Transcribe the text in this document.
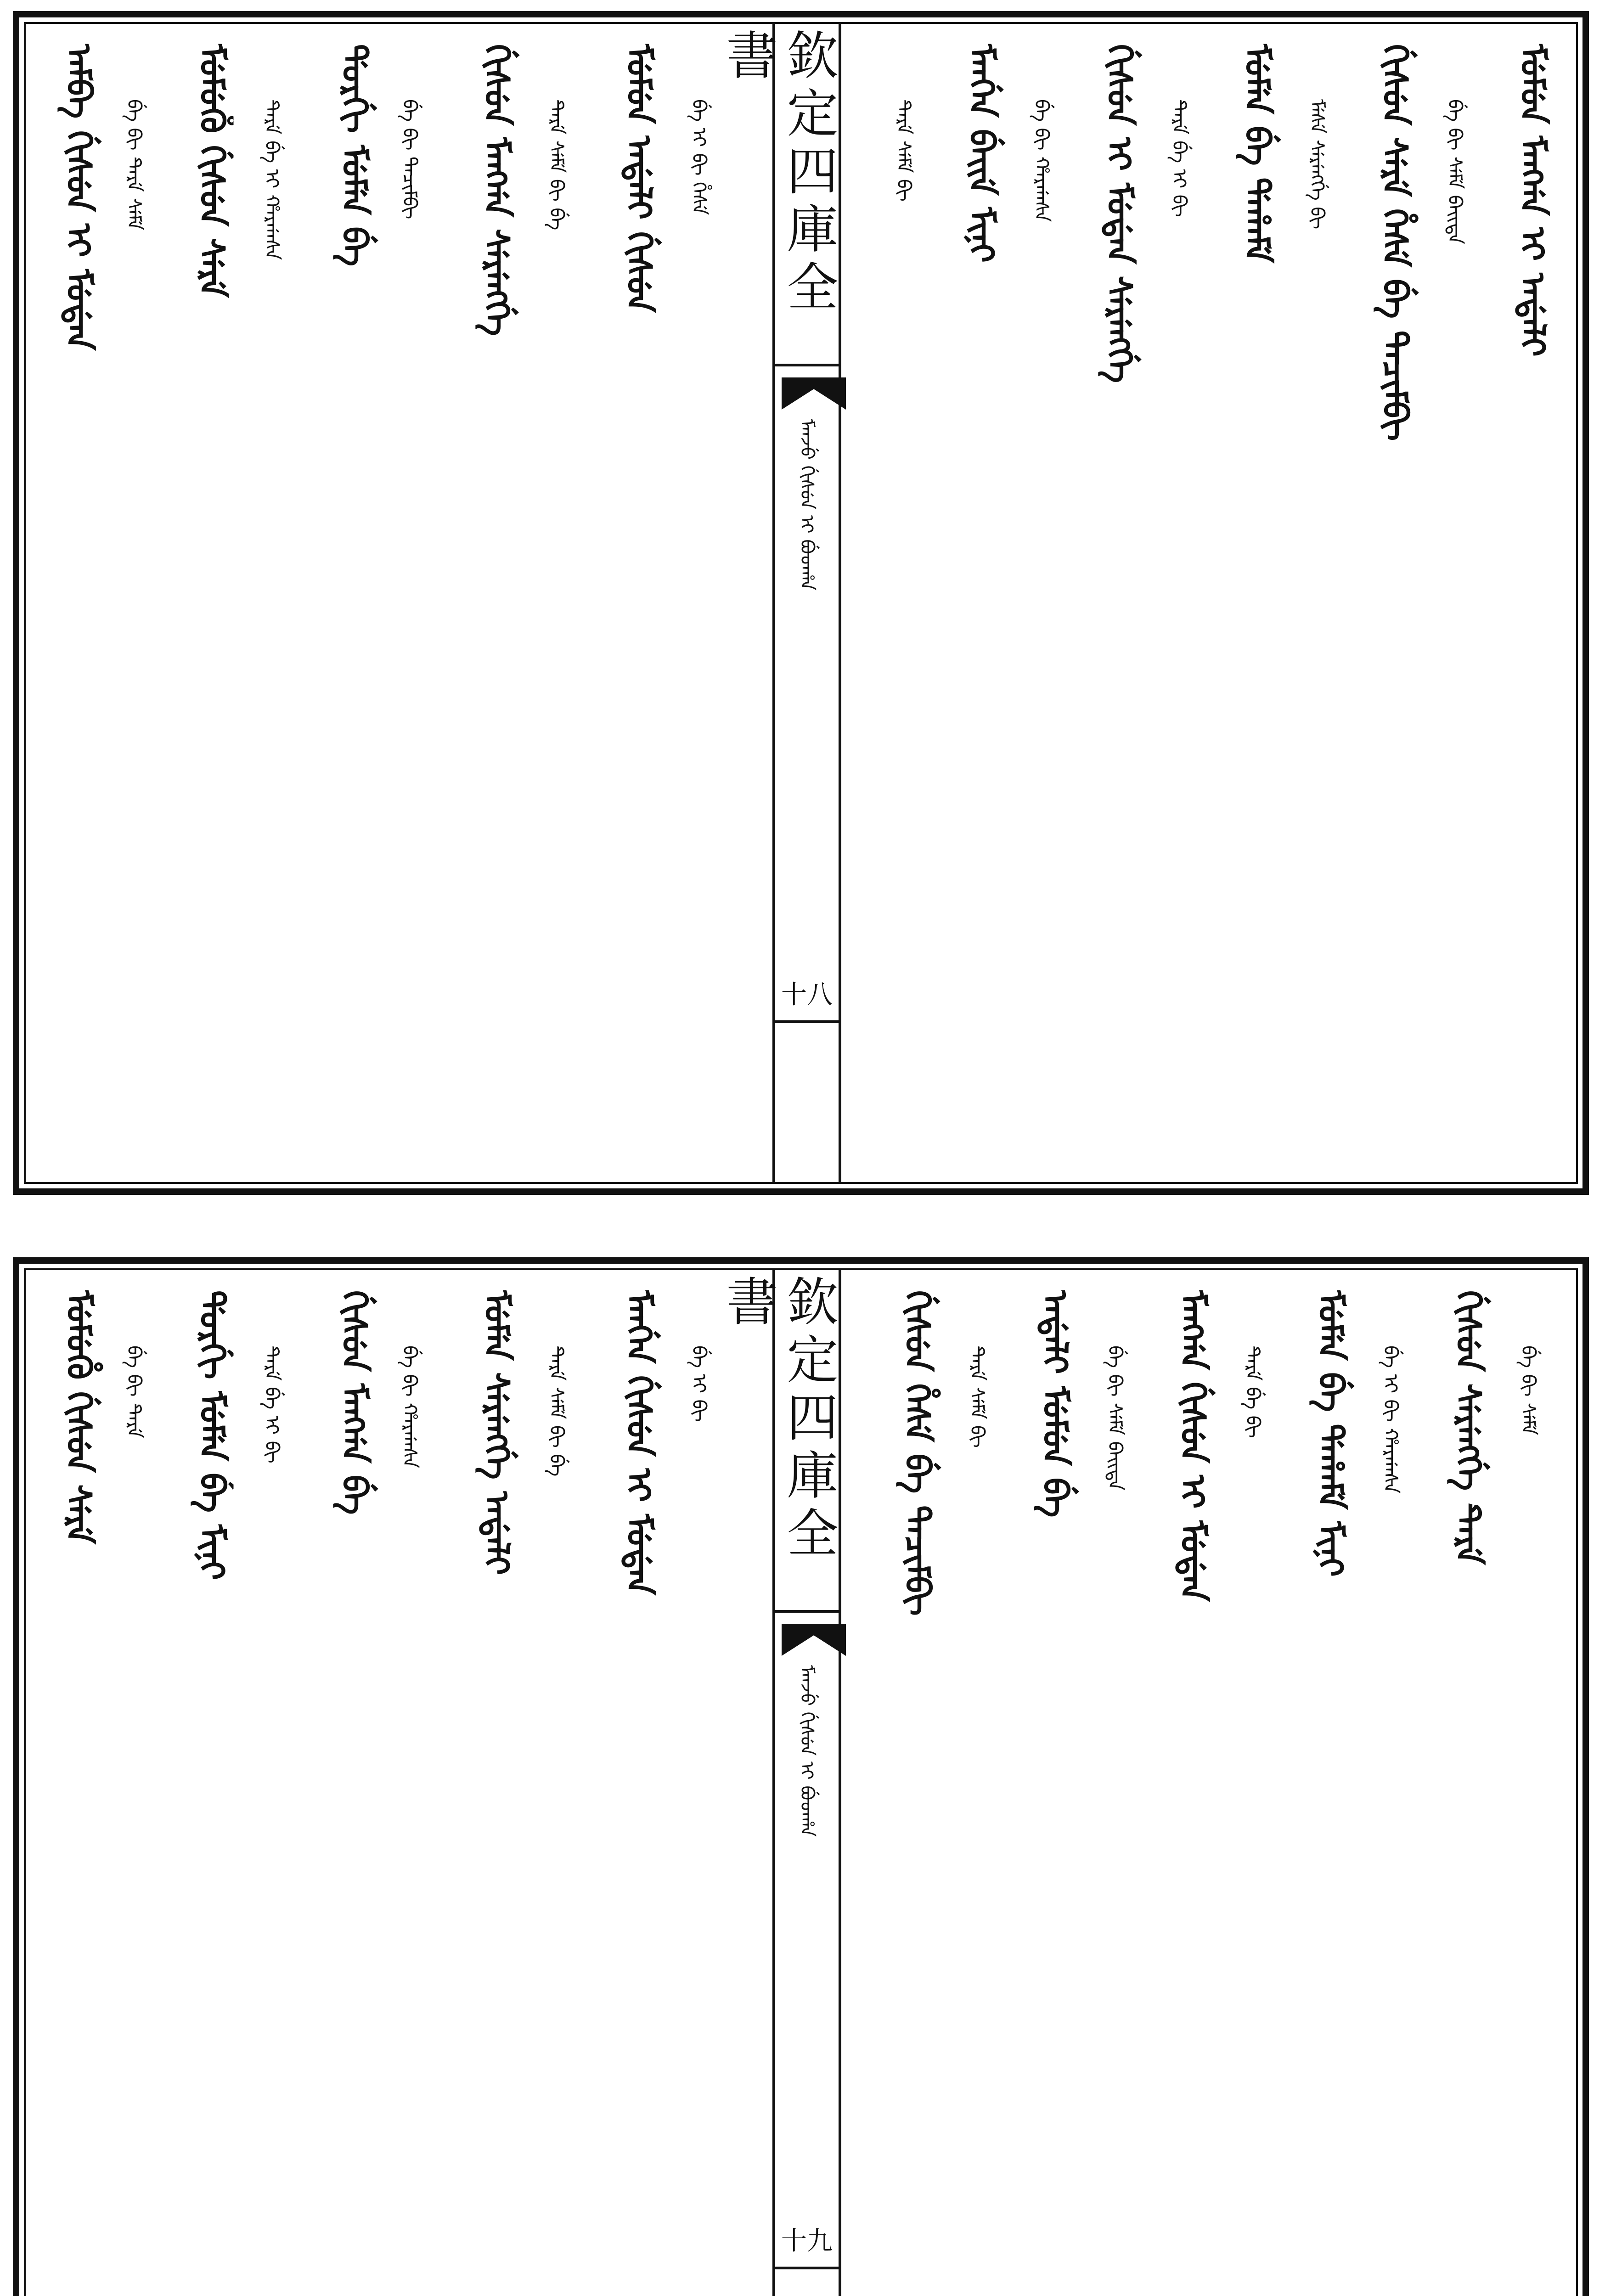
ᠠᠮᠪᠠ ᡤᡳᠰᡠᠨ ᡳ ᠮᡠᡩᠠᠨ	ᠪᡝ ᠪᡳ ᡨᡝᡵᡝ ᠰᡝᠮᡝ ᠮᡠᠮᡠᡥᡠ ᡤᡳᠰᡠᠨ ᠰᡝᡵᡝ	ᡨᡝᡵᡝ ᠪᡝ ᡳ ᡥᠠᡵᡤᠠᠰᠠ ᡩᠣᡵᡤᡳ ᠮᡠᠮᡝᠨ ᠪᡝ	ᠪᡝ ᠪᡳ ᡨᠠᠴᡳᠮᠪᡳ ᡤᡳᠰᡠᠨ ᠮᠠᠩᡤᠠ ᠰᡝᡵᡝᠩᡤᡝ	ᡨᡝᡵᡝ ᠰᡝᠮᡝ ᠪᡳ ᠪᡝ ᠮᡠᠮᡠᠨ ᠠᡩᠠᠯᡳ ᡤᡳᠰᡠᠨ	ᠪᡝ ᡳ ᠪᡳ ᡥᡝᠰᡝ 欽定四庫全書
ᠮᠠᠨᠵᡠ ᡤᡳᠰᡠᠨ ᡳ ᠪᡠᡨᡥᠠ
十八
ᠮᡠᠮᡠᠨ ᠮᠠᠩᡤᠠ ᡳ ᠠᡩᠠᠯᡳ
ᠪᡝ ᠪᡳ ᠰᡝᠮᡝ ᠪᠠᡳᡨᠠ
ᡤᡳᠰᡠᠨ ᠰᡝᡵᡝ ᡥᡝᠰᡝ ᠪᡝ ᡨᠠᠴᡳᠮᠪᡳ
ᠮᡝᠰᡝ ᠰᡝᡵᡝᠩᡤᡝ ᠪᡳ
ᠮᡠᠮᡝᠨ ᠪᡝ ᡩᠠᡥᠠᠮᡝ
ᡨᡝᡵᡝ ᠪᡝ ᡳ ᠪᡳ
ᡤᡳᠰᡠᠨ ᡳ ᠮᡠᡩᠠᠨ ᠰᡝᡵᡝᠩᡤᡝ
ᠪᡝ ᠪᡳ ᡥᠠᡵᡤᠠᠰᠠ
ᠮᠠᠨᡤᡝᠨ ᠪᡝᡳᡝ ᠮᡳᠨᡳ
ᡨᡝᡵᡝ ᠰᡝᠮᡝ ᠪᡳ
ᠮᡠᠮᡠᡥᡠ ᡤᡳᠰᡠᠨ ᠰᡝᡵᡝ	ᠪᡝ ᠪᡳ ᡨᡝᡵᡝ ᡩᠣᡵᡤᡳ ᠮᡠᠮᡝᠨ ᠪᡝ ᠮᡳᠨᡳ	ᡨᡝᡵᡝ ᠪᡝ ᡳ ᠪᡳ ᡤᡳᠰᡠᠨ ᠮᠠᠩᡤᠠ ᠪᡝ	ᠪᡝ ᠪᡳ ᡥᠠᡵᡤᠠᠰᠠ ᠮᡠᠮᡝᠨ ᠰᡝᡵᡝᠩᡤᡝ ᠠᡩᠠᠯᡳ	ᡨᡝᡵᡝ ᠰᡝᠮᡝ ᠪᡳ ᠪᡝ ᠮᠠᠨᡤᡝᠨ ᡤᡳᠰᡠᠨ ᡳ ᠮᡠᡩᠠᠨ	ᠪᡝ ᡳ ᠪᡳ 欽定四庫全書
ᠮᠠᠨᠵᡠ ᡤᡳᠰᡠᠨ ᡳ ᠪᡠᡨᡥᠠ
十九
ᠪᡝ ᠪᡳ ᠰᡝᠮᡝ
ᡤᡳᠰᡠᠨ ᠰᡝᡵᡝᠩᡤᡝ ᡨᡝᡵᡝ
ᠪᡝ ᡳ ᠪᡳ ᡥᠠᡵᡤᠠᠰᠠ
ᠮᡠᠮᡝᠨ ᠪᡝ ᡩᠠᡥᠠᠮᡝ ᠮᡳᠨᡳ
ᡨᡝᡵᡝ ᠪᡝ ᠪᡳ
ᠮᠠᠩᡤᠠ ᡤᡳᠰᡠᠨ ᡳ ᠮᡠᡩᠠᠨ
ᠪᡝ ᠪᡳ ᠰᡝᠮᡝ ᠪᠠᡳᡨᠠ
ᠠᡩᠠᠯᡳ ᠮᡠᠮᡠᠨ ᠪᡝ
ᡨᡝᡵᡝ ᠰᡝᠮᡝ ᠪᡳ
ᡤᡳᠰᡠᠨ ᡥᡝᠰᡝ ᠪᡝ ᡨᠠᠴᡳᠮᠪᡳ
